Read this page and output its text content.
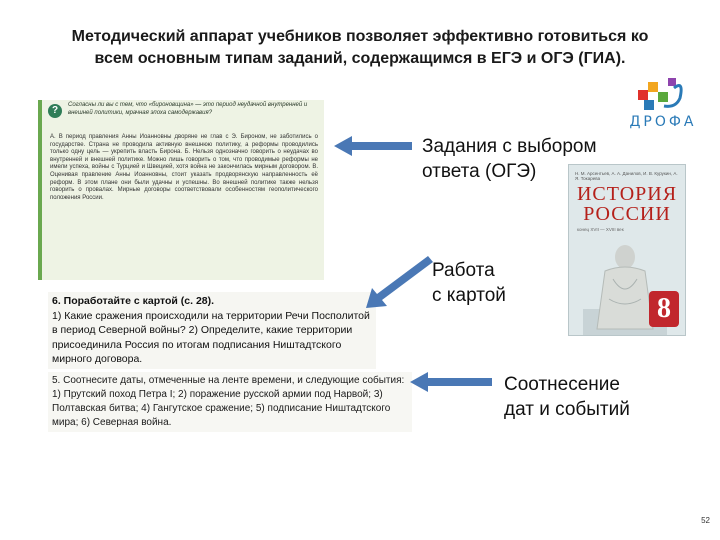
Методический аппарат учебников позволяет эффективно готовиться ко
всем основным типам заданий, содержащимся в ЕГЭ и ОГЭ (ГИА).
ДРОФА
?	Согласны ли вы с тем, что «бироновщина» — это период неудачной внутренней и внешней политики, мрачная эпоха самодержавия?
А. В период правления Анны Иоанновны дворяне не глав с Э. Бироном, не заботились о государстве. Страна не проводила активную внешнюю политику, а реформы проводились только одну цель — укрепить власть Бирона. Б. Нельзя однозначно говорить о неудачах во внутренней и внешней политике. Можно лишь говорить о том, что проводимые реформы не имели успеха, войны с Турцией и Швецией, хотя война не закончилась мирным договором. В. Оценивая правление Анны Иоанновны, стоит указать продворянскую направленность её реформ. В этом плане они были удачны и успешны. Во внешней политике также нельзя говорить о провалах. Мирные договоры соответствовали особенностям геополитического положения России.
6. Поработайте с картой (с. 28).
1) Какие сражения происходили на территории Речи Посполитой в период Северной войны? 2) Определите, какие территории присоединила Россия по итогам подписания Ништадтского мирного договора.
5. Соотнесите даты, отмеченные на ленте времени, и следующие события:
1) Прутский поход Петра I; 2) поражение русской армии под Нарвой; 3) Полтавская битва; 4) Гангутское сражение; 5) подписание Ништадтского мира; 6) Северная война.
Задания с выбором
ответа (ОГЭ)
Работа
с картой
Соотнесение
дат и событий
Н. М. Арсентьев, А. А. Данилов, И. В. Курукин, А. Я. Токарева
ИСТОРИЯ
РОССИИ
конец XVII — XVIII век
8
52
